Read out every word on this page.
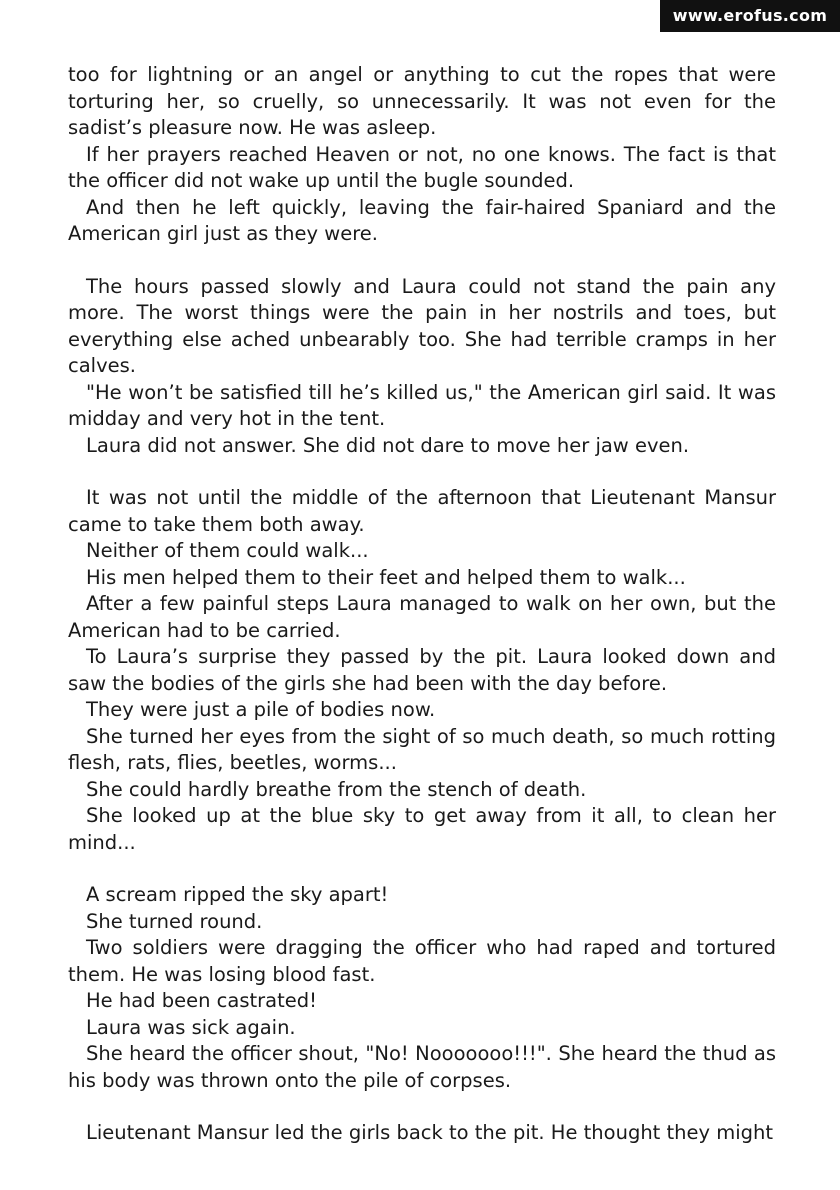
www.erofus.com

too for lightning or an angel or anything to cut the ropes that were torturing her, so cruelly, so unnecessarily. It was not even for the sadist’s pleasure now. He was asleep.

If her prayers reached Heaven or not, no one knows. The fact is that the officer did not wake up until the bugle sounded.

And then he left quickly, leaving the fair-haired Spaniard and the American girl just as they were.

The hours passed slowly and Laura could not stand the pain any more. The worst things were the pain in her nostrils and toes, but everything else ached unbearably too. She had terrible cramps in her calves.

"He won’t be satisfied till he’s killed us," the American girl said. It was midday and very hot in the tent.

Laura did not answer. She did not dare to move her jaw even.

It was not until the middle of the afternoon that Lieutenant Mansur came to take them both away.

Neither of them could walk...

His men helped them to their feet and helped them to walk...

After a few painful steps Laura managed to walk on her own, but the American had to be carried.

To Laura’s surprise they passed by the pit. Laura looked down and saw the bodies of the girls she had been with the day before.

They were just a pile of bodies now.

She turned her eyes from the sight of so much death, so much rotting flesh, rats, flies, beetles, worms...

She could hardly breathe from the stench of death.

She looked up at the blue sky to get away from it all, to clean her mind...

A scream ripped the sky apart!

She turned round.

Two soldiers were dragging the officer who had raped and tortured them. He was losing blood fast.

He had been castrated!

Laura was sick again.

She heard the officer shout, "No! Nooooooo!!!". She heard the thud as his body was thrown onto the pile of corpses.

Lieutenant Mansur led the girls back to the pit. He thought they might
